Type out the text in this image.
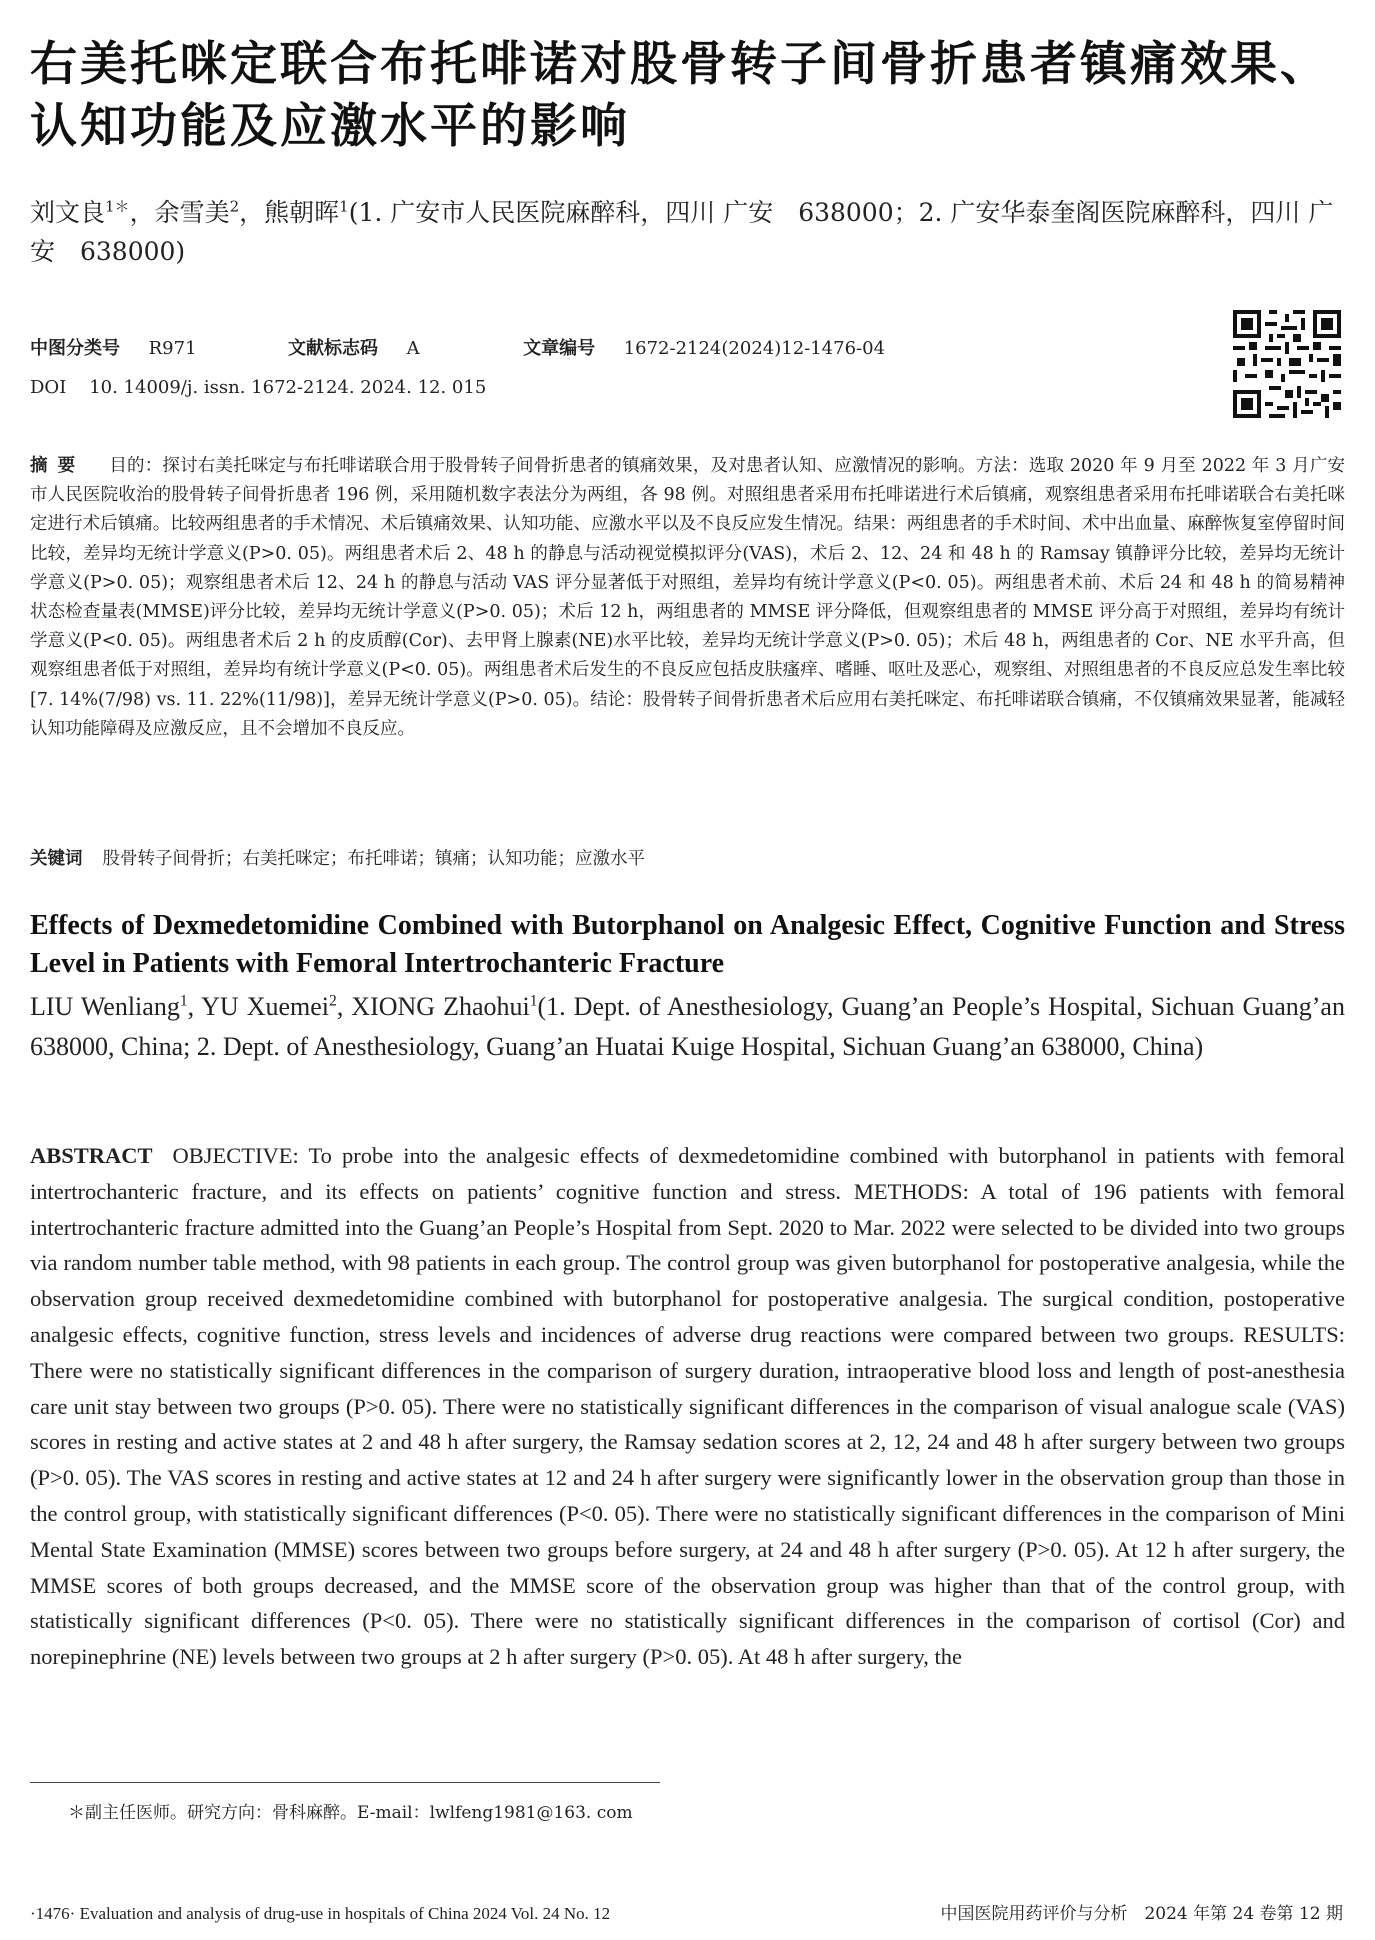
右美托咪定联合布托啡诺对股骨转子间骨折患者镇痛效果、认知功能及应激水平的影响
刘文良$^{1*}$，余雪美$^2$，熊朝晖$^1$(1. 广安市人民医院麻醉科，四川 广安　638000；2. 广安华泰奎阁医院麻醉科，四川 广安　638000)
中图分类号 R971	文献标志码 A	文章编号 1672-2124(2024)12-1476-04
DOI 10. 14009/j. issn. 1672-2124. 2024. 12. 015
摘要 目的：探讨右美托咪定与布托啡诺联合用于股骨转子间骨折患者的镇痛效果，及对患者认知、应激情况的影响。方法：选取 2020 年 9 月至 2022 年 3 月广安市人民医院收治的股骨转子间骨折患者 196 例，采用随机数字表法分为两组，各 98 例。对照组患者采用布托啡诺进行术后镇痛，观察组患者采用布托啡诺联合右美托咪定进行术后镇痛。比较两组患者的手术情况、术后镇痛效果、认知功能、应激水平以及不良反应发生情况。结果：两组患者的手术时间、术中出血量、麻醉恢复室停留时间比较，差异均无统计学意义(P>0. 05)。两组患者术后 2、48 h 的静息与活动视觉模拟评分(VAS)，术后 2、12、24 和 48 h 的 Ramsay 镇静评分比较，差异均无统计学意义(P>0. 05)；观察组患者术后 12、24 h 的静息与活动 VAS 评分显著低于对照组，差异均有统计学意义(P<0. 05)。两组患者术前、术后 24 和 48 h 的简易精神状态检查量表(MMSE)评分比较，差异均无统计学意义(P>0. 05)；术后 12 h，两组患者的 MMSE 评分降低，但观察组患者的 MMSE 评分高于对照组，差异均有统计学意义(P<0. 05)。两组患者术后 2 h 的皮质醇(Cor)、去甲肾上腺素(NE)水平比较，差异均无统计学意义(P>0. 05)；术后 48 h，两组患者的 Cor、NE 水平升高，但观察组患者低于对照组，差异均有统计学意义(P<0. 05)。两组患者术后发生的不良反应包括皮肤瘙痒、嗜睡、呕吐及恶心，观察组、对照组患者的不良反应总发生率比较[7. 14%(7/98) vs. 11. 22%(11/98)]，差异无统计学意义(P>0. 05)。结论：股骨转子间骨折患者术后应用右美托咪定、布托啡诺联合镇痛，不仅镇痛效果显著，能减轻认知功能障碍及应激反应，且不会增加不良反应。
关键词 股骨转子间骨折；右美托咪定；布托啡诺；镇痛；认知功能；应激水平
Effects of Dexmedetomidine Combined with Butorphanol on Analgesic Effect, Cognitive Function and Stress Level in Patients with Femoral Intertrochanteric Fracture
LIU Wenliang$^1$, YU Xuemei$^2$, XIONG Zhaohui$^1$(1. Dept. of Anesthesiology, Guang’an People’s Hospital, Sichuan Guang’an 638000, China; 2. Dept. of Anesthesiology, Guang’an Huatai Kuige Hospital, Sichuan Guang’an 638000, China)
ABSTRACT OBJECTIVE: To probe into the analgesic effects of dexmedetomidine combined with butorphanol in patients with femoral intertrochanteric fracture, and its effects on patients’ cognitive function and stress. METHODS: A total of 196 patients with femoral intertrochanteric fracture admitted into the Guang’an People’s Hospital from Sept. 2020 to Mar. 2022 were selected to be divided into two groups via random number table method, with 98 patients in each group. The control group was given butorphanol for postoperative analgesia, while the observation group received dexmedetomidine combined with butorphanol for postoperative analgesia. The surgical condition, postoperative analgesic effects, cognitive function, stress levels and incidences of adverse drug reactions were compared between two groups. RESULTS: There were no statistically significant differences in the comparison of surgery duration, intraoperative blood loss and length of post-anesthesia care unit stay between two groups (P>0. 05). There were no statistically significant differences in the comparison of visual analogue scale (VAS) scores in resting and active states at 2 and 48 h after surgery, the Ramsay sedation scores at 2, 12, 24 and 48 h after surgery between two groups (P>0. 05). The VAS scores in resting and active states at 12 and 24 h after surgery were significantly lower in the observation group than those in the control group, with statistically significant differences (P<0. 05). There were no statistically significant differences in the comparison of Mini Mental State Examination (MMSE) scores between two groups before surgery, at 24 and 48 h after surgery (P>0. 05). At 12 h after surgery, the MMSE scores of both groups decreased, and the MMSE score of the observation group was higher than that of the control group, with statistically significant differences (P<0. 05). There were no statistically significant differences in the comparison of cortisol (Cor) and norepinephrine (NE) levels between two groups at 2 h after surgery (P>0. 05). At 48 h after surgery, the
＊副主任医师。研究方向：骨科麻醉。E-mail：lwlfeng1981@163. com
·1476· Evaluation and analysis of drug-use in hospitals of China 2024 Vol. 24 No. 12	中国医院用药评价与分析　2024 年第 24 卷第 12 期
